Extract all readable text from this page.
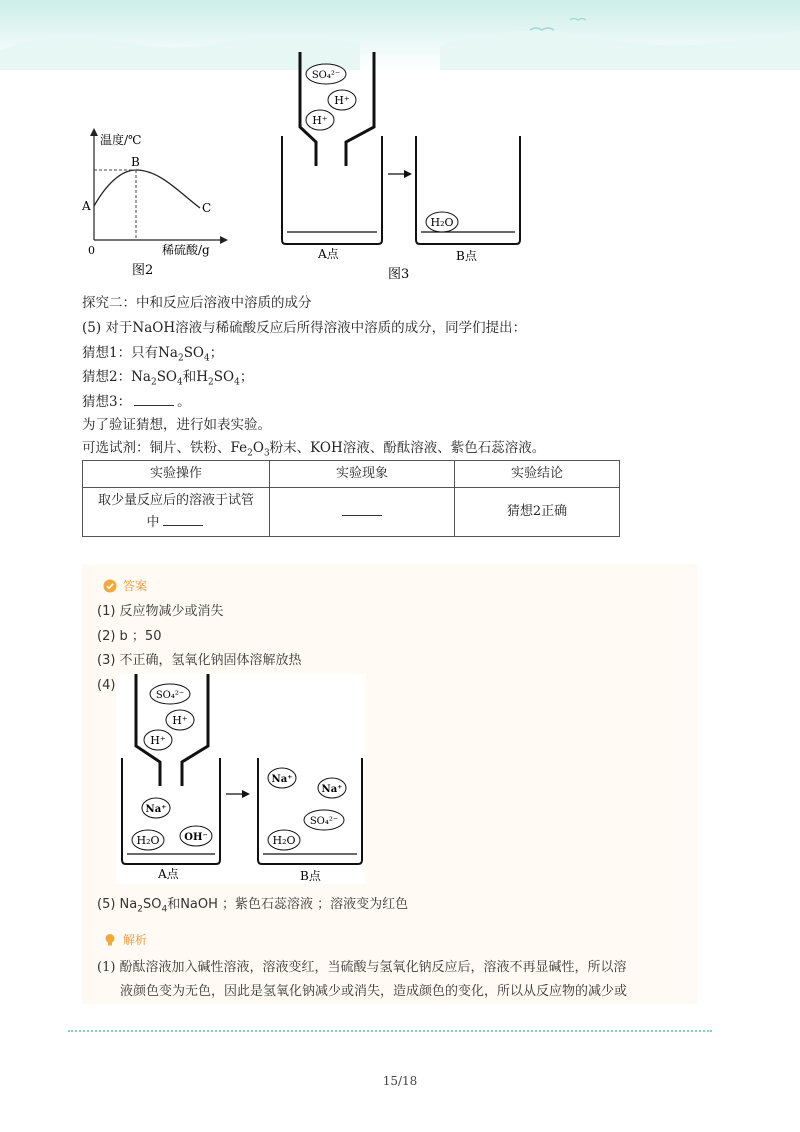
温度/℃
稀硫酸/g
0
A
B
C
图2
SO₄²⁻
H⁺
H⁺
H₂O
A点	B点
图3
探究二：中和反应后溶液中溶质的成分
(5) 对于NaOH溶液与稀硫酸反应后所得溶液中溶质的成分，同学们提出：
猜想1：只有$Na_2SO_4$；
猜想2：$Na_2SO_4$和$H_2SO_4$；
猜想3：	。
为了验证猜想，进行如表实验。
可选试剂：铜片、铁粉、$Fe_2O_3$粉末、KOH溶液、酚酞溶液、紫色石蕊溶液。
实验操作	实验现象	实验结论

取少量反应后的溶液于试管
中		猜想2正确
答案
(1) 反应物减少或消失
(2) b ；50
(3) 不正确，氢氧化钠固体溶解放热
(4)
SO₄²⁻
H⁺
H⁺
Na⁺
H₂O OH⁻
Na⁺
Na⁺
SO₄²⁻
H₂O
A点	B点
(5) $Na_2SO_4$和NaOH ；紫色石蕊溶液 ；溶液变为红色
解析
(1) 酚酞溶液加入碱性溶液，溶液变红，当硫酸与氢氧化钠反应后，溶液不再显碱性，所以溶
液颜色变为无色，因此是氢氧化钠减少或消失，造成颜色的变化，所以从反应物的减少或
15/18
